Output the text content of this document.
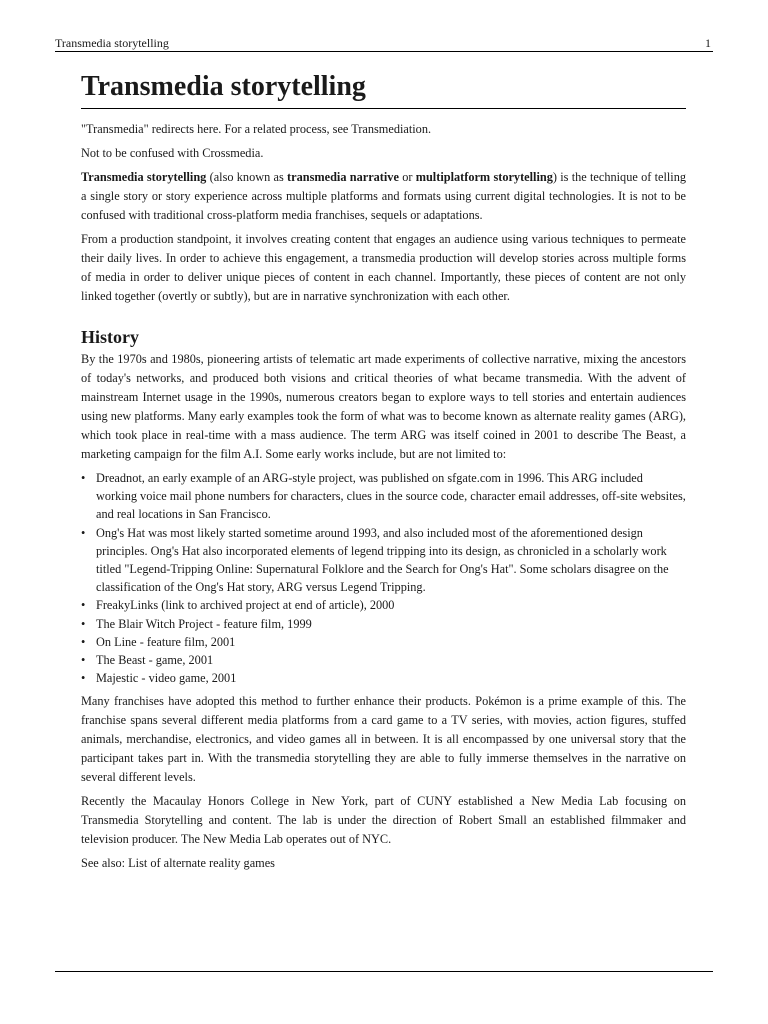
Transmedia storytelling	1
Transmedia storytelling

"Transmedia" redirects here. For a related process, see Transmediation.

Not to be confused with Crossmedia.

Transmedia storytelling (also known as transmedia narrative or multiplatform storytelling) is the technique of telling a single story or story experience across multiple platforms and formats using current digital technologies. It is not to be confused with traditional cross-platform media franchises, sequels or adaptations.

From a production standpoint, it involves creating content that engages an audience using various techniques to permeate their daily lives. In order to achieve this engagement, a transmedia production will develop stories across multiple forms of media in order to deliver unique pieces of content in each channel. Importantly, these pieces of content are not only linked together (overtly or subtly), but are in narrative synchronization with each other.

History

By the 1970s and 1980s, pioneering artists of telematic art made experiments of collective narrative, mixing the ancestors of today's networks, and produced both visions and critical theories of what became transmedia. With the advent of mainstream Internet usage in the 1990s, numerous creators began to explore ways to tell stories and entertain audiences using new platforms. Many early examples took the form of what was to become known as alternate reality games (ARG), which took place in real-time with a mass audience. The term ARG was itself coined in 2001 to describe The Beast, a marketing campaign for the film A.I. Some early works include, but are not limited to:

• Dreadnot, an early example of an ARG-style project, was published on sfgate.com in 1996. This ARG included working voice mail phone numbers for characters, clues in the source code, character email addresses, off-site websites, and real locations in San Francisco.
• Ong's Hat was most likely started sometime around 1993, and also included most of the aforementioned design principles. Ong's Hat also incorporated elements of legend tripping into its design, as chronicled in a scholarly work titled "Legend-Tripping Online: Supernatural Folklore and the Search for Ong's Hat". Some scholars disagree on the classification of the Ong's Hat story, ARG versus Legend Tripping.
• FreakyLinks (link to archived project at end of article), 2000
• The Blair Witch Project - feature film, 1999
• On Line - feature film, 2001
• The Beast - game, 2001
• Majestic - video game, 2001

Many franchises have adopted this method to further enhance their products. Pokémon is a prime example of this. The franchise spans several different media platforms from a card game to a TV series, with movies, action figures, stuffed animals, merchandise, electronics, and video games all in between. It is all encompassed by one universal story that the participant takes part in. With the transmedia storytelling they are able to fully immerse themselves in the narrative on several different levels.

Recently the Macaulay Honors College in New York, part of CUNY established a New Media Lab focusing on Transmedia Storytelling and content. The lab is under the direction of Robert Small an established filmmaker and television producer. The New Media Lab operates out of NYC.

See also: List of alternate reality games
